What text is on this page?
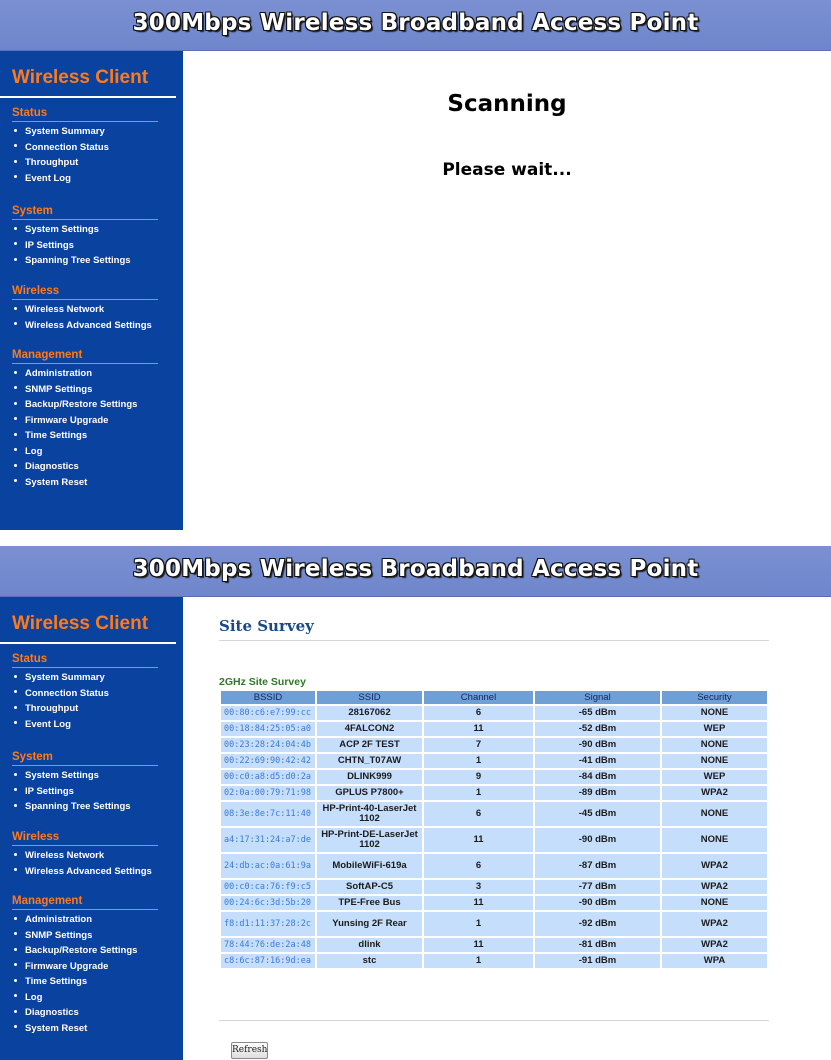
300Mbps Wireless Broadband Access Point
Wireless Client
Status
System Summary
Connection Status
Throughput
Event Log
System
System Settings
IP Settings
Spanning Tree Settings
Wireless
Wireless Network
Wireless Advanced Settings
Management
Administration
SNMP Settings
Backup/Restore Settings
Firmware Upgrade
Time Settings
Log
Diagnostics
System Reset
Scanning
Please wait...
300Mbps Wireless Broadband Access Point
Wireless Client
Status
System Summary
Connection Status
Throughput
Event Log
System
System Settings
IP Settings
Spanning Tree Settings
Wireless
Wireless Network
Wireless Advanced Settings
Management
Administration
SNMP Settings
Backup/Restore Settings
Firmware Upgrade
Time Settings
Log
Diagnostics
System Reset
Site Survey
2GHz Site Survey
BSSID	SSID	Channel	Signal	Security
00:80:c6:e7:99:cc	28167062	6	-65 dBm	NONE
00:18:84:25:05:a0	4FALCON2	11	-52 dBm	WEP
00:23:28:24:04:4b	ACP 2F TEST	7	-90 dBm	NONE
00:22:69:90:42:42	CHTN_T07AW	1	-41 dBm	NONE
00:c0:a8:d5:d0:2a	DLINK999	9	-84 dBm	WEP
02:0a:00:79:71:98	GPLUS P7800+	1	-89 dBm	WPA2
08:3e:8e:7c:11:40	HP-Print-40-LaserJet 1102	6	-45 dBm	NONE
a4:17:31:24:a7:de	HP-Print-DE-LaserJet 1102	11	-90 dBm	NONE
24:db:ac:0a:61:9a	MobileWiFi-619a	6	-87 dBm	WPA2
00:c0:ca:76:f9:c5	SoftAP-C5	3	-77 dBm	WPA2
00:24:6c:3d:5b:20	TPE-Free Bus	11	-90 dBm	NONE
f8:d1:11:37:28:2c	Yunsing 2F Rear	1	-92 dBm	WPA2
78:44:76:de:2a:48	dlink	11	-81 dBm	WPA2
c8:6c:87:16:9d:ea	stc	1	-91 dBm	WPA
Refresh
